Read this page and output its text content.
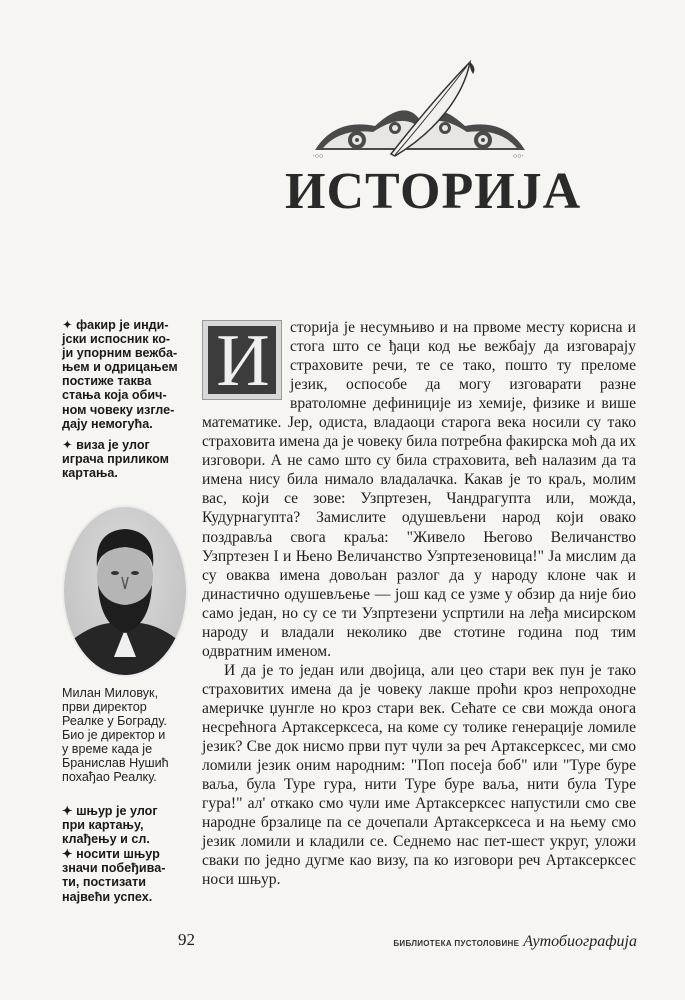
∙○○	○○∙
ИСТОРИЈА
✦ фaкир је инди-
јски испосник ко-
ји упорним вежба-
њем и одрицањем
постиже таква
стања која обич-
ном човеку изгле-
дају немогућа.
✦ виза је улог
играча приликом
картања.
Милан Миловук,
први директор
Реалке у Бoграду.
Био је директор и
у време када је
Бранислав Нушић
похађао Реалку.
✦ шњур је улог
при картању,
клађењу и сл.
✦ носити шњур
значи побеђива-
ти, постизати
највећи успех.
И	сторија је несумњиво и на првоме месту корисна и стога што се ђаци код ње вежбају да изговарају страховите речи, те се тако, пошто ту преломе језик, оспособе да могу изговарати разне вратоломне дефиниције из хемије, физике и више математике. Јер, одиста, владаоци старога века носили су тако страховита имена да је човеку била потребна факирска моћ да их изговори. А не само што су била страховита, већ налазим да та имена нису била нимало владалачка. Какав је то краљ, молим вас, који се зове: Узпртезен, Чандрагупта или, можда, Кудурнагупта? Замислите одушевљени народ који овако поздравља свога краља: "Живело Његово Величанство Узпртезен I и Њено Величанство Узпртезеновица!" Ја мислим да су оваква имена довољан разлог да у народу клоне чак и династично одушевљење — још кад се узме у обзир да није био само један, но су се ти Узпртезени успртили на леђа мисирском народу и владали неколико две стотине година под тим одвратним именом.

И да је то један или двојица, али цео стари век пун је тако страховитих имена да је човеку лакше проћи кроз непроходне америчке џунгле но кроз стари век. Сећате се сви можда онога несрећнога Артаксерксеса, на коме су толике генерације ломиле језик? Све док нисмо први пут чули за реч Артаксерксес, ми смо ломили језик оним народним: "Поп посеја боб" или "Туре буре ваља, була Туре гура, нити Туре буре ваља, нити була Туре гура!" ал' откако смо чули име Артаксерксес напустили смо све народне брзалице па се дочепали Артаксерксеса и на њему смо језик ломили и кладили се. Седнемо нас пет-шест укруг, уложи сваки по једно дугме као визу, па ко изговори реч Артаксерксес носи шњур.

92	БИБЛИОТЕКА ПУСТОЛОВИНЕ Аутобиографија
